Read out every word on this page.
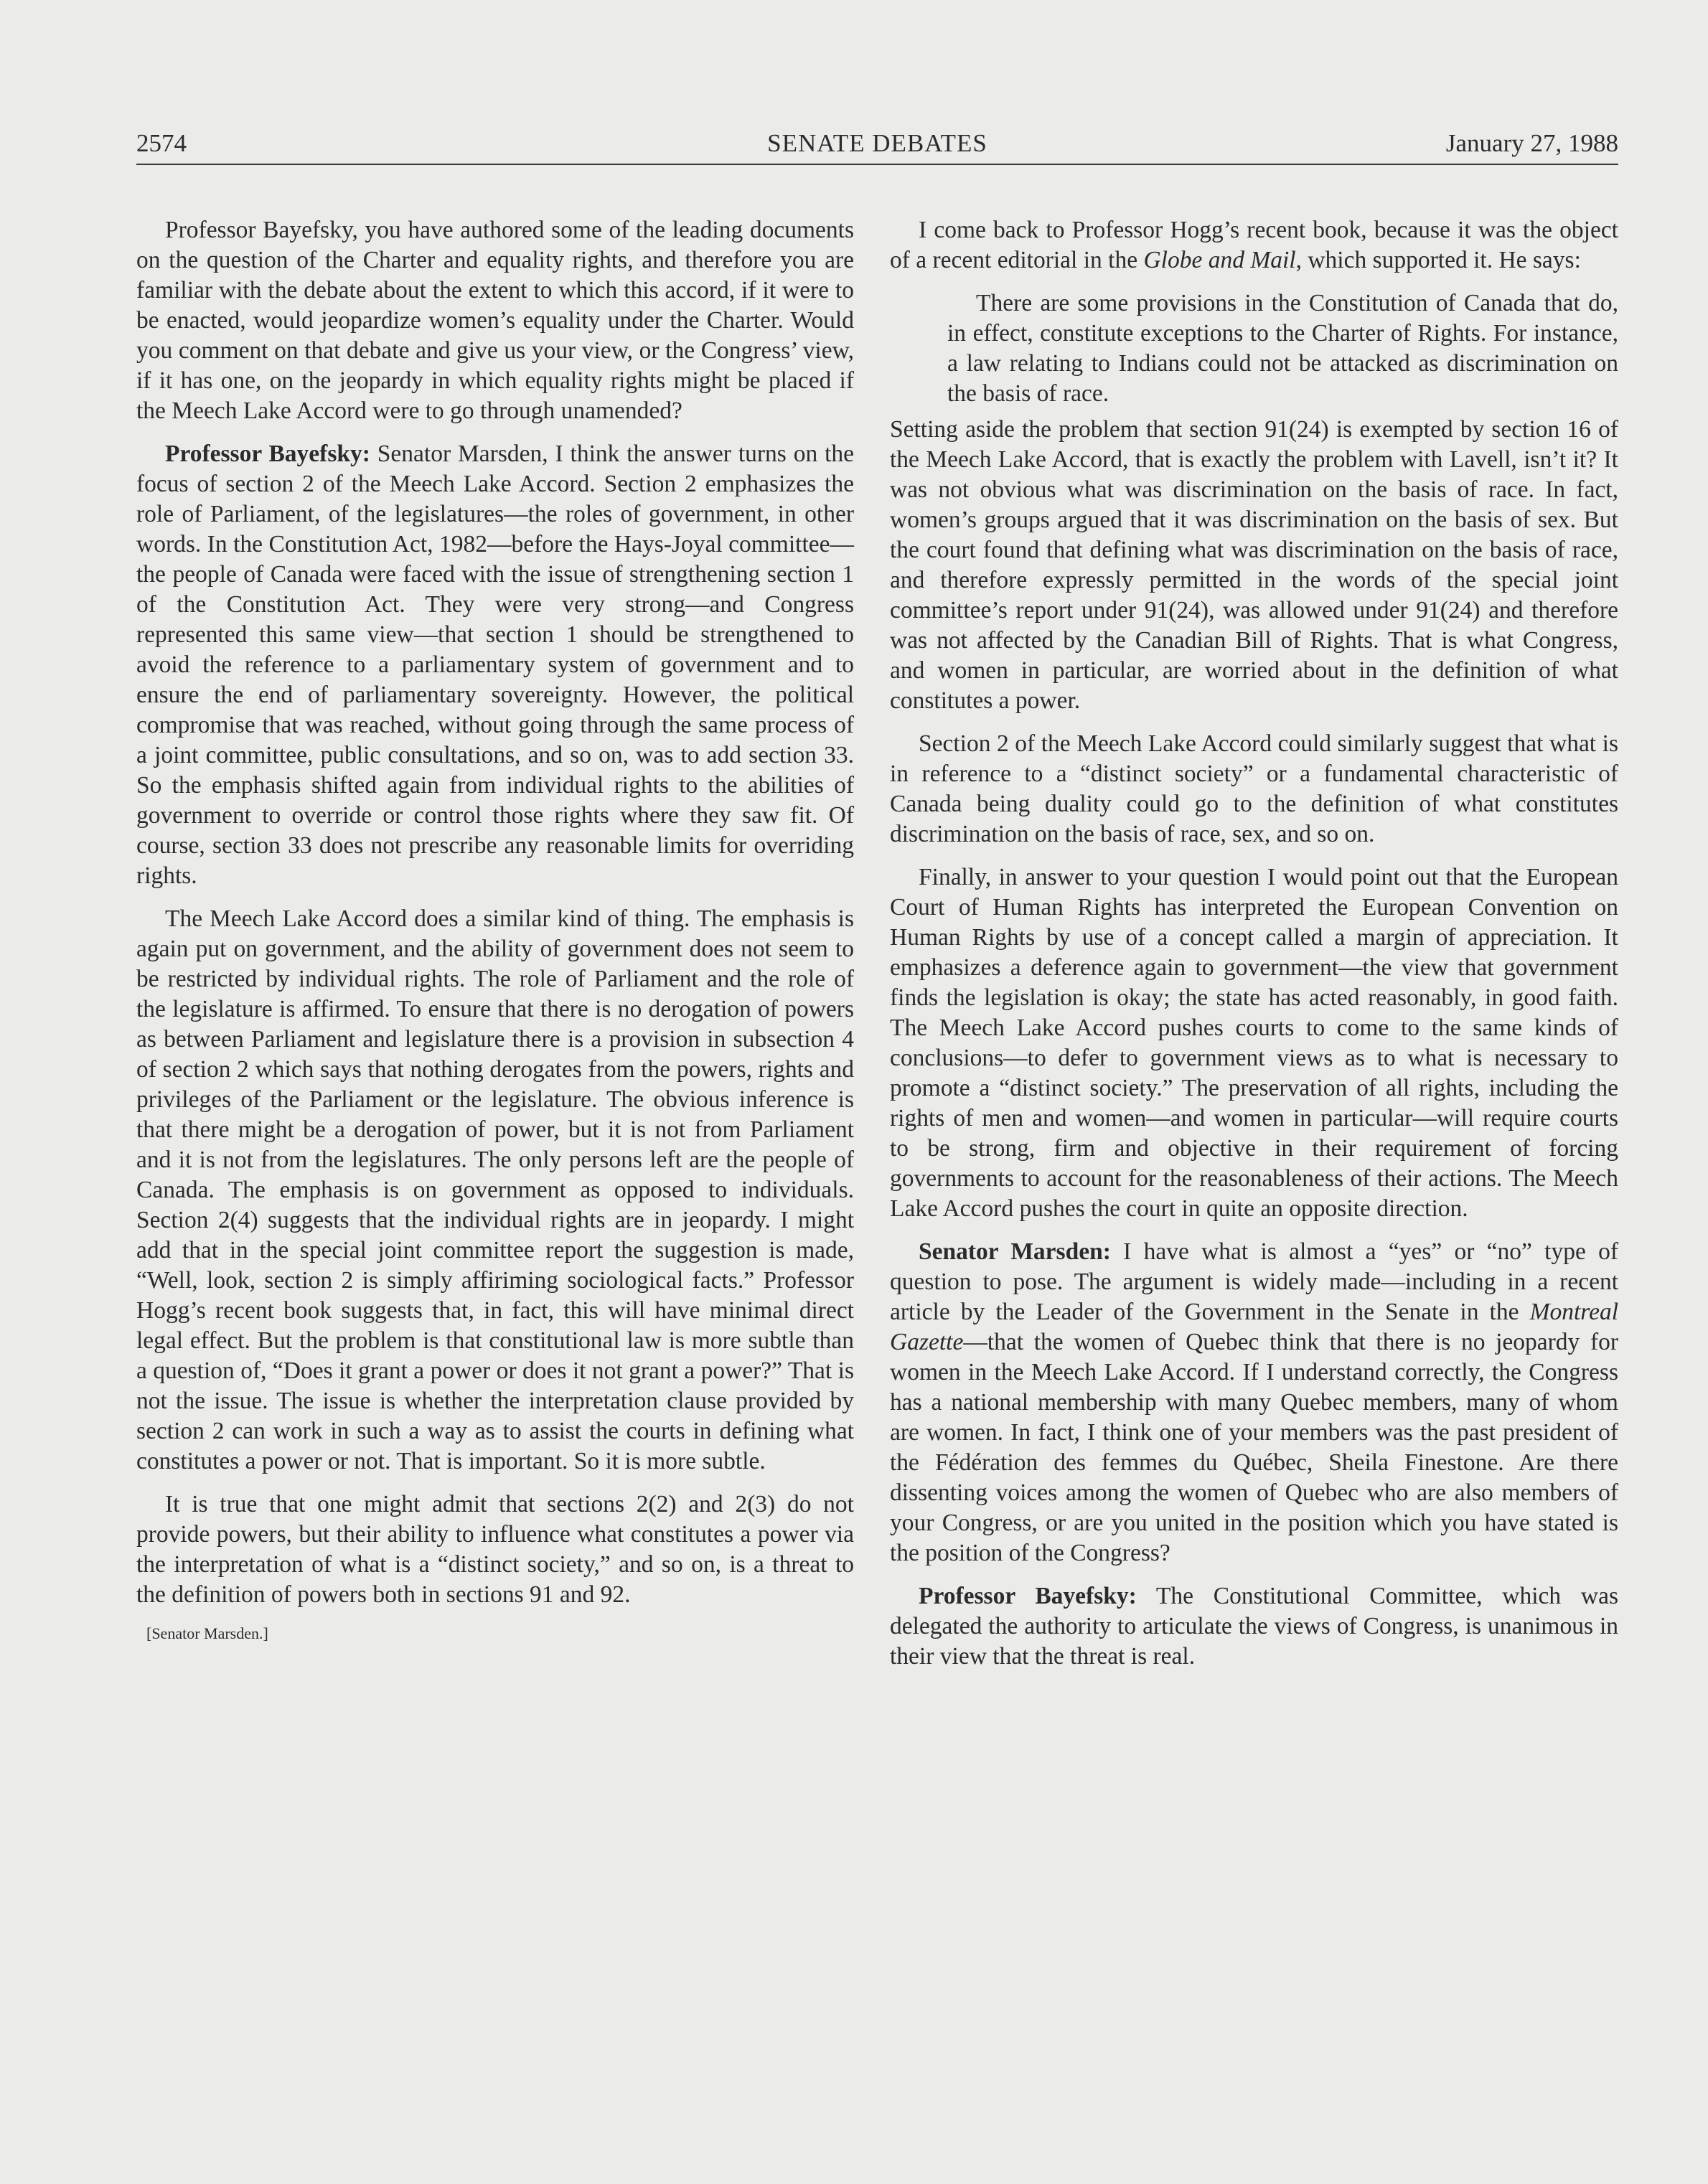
2574	SENATE DEBATES	January 27, 1988

Professor Bayefsky, you have authored some of the leading documents on the question of the Charter and equality rights, and therefore you are familiar with the debate about the extent to which this accord, if it were to be enacted, would jeopardize women’s equality under the Charter. Would you comment on that debate and give us your view, or the Congress’ view, if it has one, on the jeopardy in which equality rights might be placed if the Meech Lake Accord were to go through unamended?

Professor Bayefsky: Senator Marsden, I think the answer turns on the focus of section 2 of the Meech Lake Accord. Section 2 emphasizes the role of Parliament, of the legislatures—the roles of government, in other words. In the Constitution Act, 1982—before the Hays-Joyal committee—the people of Canada were faced with the issue of strengthening section 1 of the Constitution Act. They were very strong—and Congress represented this same view—that section 1 should be strengthened to avoid the reference to a parliamentary system of government and to ensure the end of parliamentary sovereignty. However, the political compromise that was reached, without going through the same process of a joint committee, public consultations, and so on, was to add section 33. So the emphasis shifted again from individual rights to the abilities of government to override or control those rights where they saw fit. Of course, section 33 does not prescribe any reasonable limits for overriding rights.

The Meech Lake Accord does a similar kind of thing. The emphasis is again put on government, and the ability of government does not seem to be restricted by individual rights. The role of Parliament and the role of the legislature is affirmed. To ensure that there is no derogation of powers as between Parliament and legislature there is a provision in subsection 4 of section 2 which says that nothing derogates from the powers, rights and privileges of the Parliament or the legislature. The obvious inference is that there might be a derogation of power, but it is not from Parliament and it is not from the legislatures. The only persons left are the people of Canada. The emphasis is on government as opposed to individuals. Section 2(4) suggests that the individual rights are in jeopardy. I might add that in the special joint committee report the suggestion is made, “Well, look, section 2 is simply affiriming sociological facts.” Professor Hogg’s recent book suggests that, in fact, this will have minimal direct legal effect. But the problem is that constitutional law is more subtle than a question of, “Does it grant a power or does it not grant a power?” That is not the issue. The issue is whether the interpretation clause provided by section 2 can work in such a way as to assist the courts in defining what constitutes a power or not. That is important. So it is more subtle.

It is true that one might admit that sections 2(2) and 2(3) do not provide powers, but their ability to influence what constitutes a power via the interpretation of what is a “distinct society,” and so on, is a threat to the definition of powers both in sections 91 and 92.

[Senator Marsden.]

I come back to Professor Hogg’s recent book, because it was the object of a recent editorial in the Globe and Mail, which supported it. He says:

There are some provisions in the Constitution of Canada that do, in effect, constitute exceptions to the Charter of Rights. For instance, a law relating to Indians could not be attacked as discrimination on the basis of race.

Setting aside the problem that section 91(24) is exempted by section 16 of the Meech Lake Accord, that is exactly the problem with Lavell, isn’t it? It was not obvious what was discrimination on the basis of race. In fact, women’s groups argued that it was discrimination on the basis of sex. But the court found that defining what was discrimination on the basis of race, and therefore expressly permitted in the words of the special joint committee’s report under 91(24), was allowed under 91(24) and therefore was not affected by the Canadian Bill of Rights. That is what Congress, and women in particular, are worried about in the definition of what constitutes a power.

Section 2 of the Meech Lake Accord could similarly suggest that what is in reference to a “distinct society” or a fundamental characteristic of Canada being duality could go to the definition of what constitutes discrimination on the basis of race, sex, and so on.

Finally, in answer to your question I would point out that the European Court of Human Rights has interpreted the European Convention on Human Rights by use of a concept called a margin of appreciation. It emphasizes a deference again to government—the view that government finds the legislation is okay; the state has acted reasonably, in good faith. The Meech Lake Accord pushes courts to come to the same kinds of conclusions—to defer to government views as to what is necessary to promote a “distinct society.” The preservation of all rights, including the rights of men and women—and women in particular—will require courts to be strong, firm and objective in their requirement of forcing governments to account for the reasonableness of their actions. The Meech Lake Accord pushes the court in quite an opposite direction.

Senator Marsden: I have what is almost a “yes” or “no” type of question to pose. The argument is widely made—including in a recent article by the Leader of the Government in the Senate in the Montreal Gazette—that the women of Quebec think that there is no jeopardy for women in the Meech Lake Accord. If I understand correctly, the Congress has a national membership with many Quebec members, many of whom are women. In fact, I think one of your members was the past president of the Fédération des femmes du Québec, Sheila Finestone. Are there dissenting voices among the women of Quebec who are also members of your Congress, or are you united in the position which you have stated is the position of the Congress?

Professor Bayefsky: The Constitutional Committee, which was delegated the authority to articulate the views of Congress, is unanimous in their view that the threat is real.
